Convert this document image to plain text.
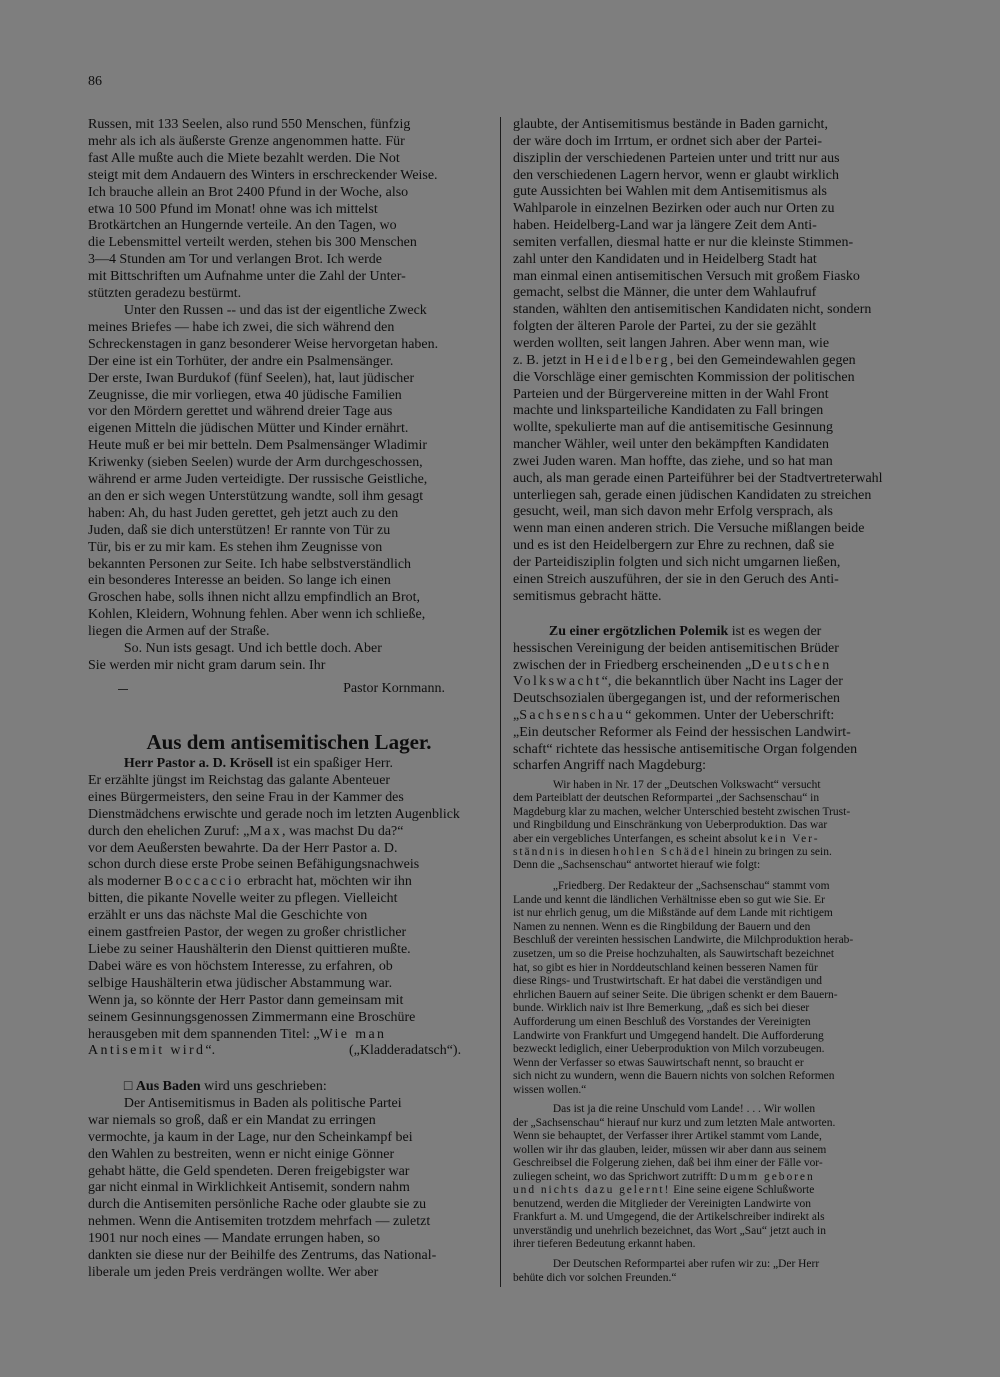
86
Russen, mit 133 Seelen, also rund 550 Menschen, fünfzig
mehr als ich als äußerste Grenze angenommen hatte. Für
fast Alle mußte auch die Miete bezahlt werden. Die Not
steigt mit dem Andauern des Winters in erschreckender Weise.
Ich brauche allein an Brot 2400 Pfund in der Woche, also
etwa 10 500 Pfund im Monat! ohne was ich mittelst
Brotkärtchen an Hungernde verteile. An den Tagen, wo
die Lebensmittel verteilt werden, stehen bis 300 Menschen
3—4 Stunden am Tor und verlangen Brot. Ich werde
mit Bittschriften um Aufnahme unter die Zahl der Unter-
stützten geradezu bestürmt.
Unter den Russen -- und das ist der eigentliche Zweck
meines Briefes — habe ich zwei, die sich während den
Schreckenstagen in ganz besonderer Weise hervorgetan haben.
Der eine ist ein Torhüter, der andre ein Psalmensänger.
Der erste, Iwan Burdukof (fünf Seelen), hat, laut jüdischer
Zeugnisse, die mir vorliegen, etwa 40 jüdische Familien
vor den Mördern gerettet und während dreier Tage aus
eigenen Mitteln die jüdischen Mütter und Kinder ernährt.
Heute muß er bei mir betteln. Dem Psalmensänger Wladimir
Kriwenky (sieben Seelen) wurde der Arm durchgeschossen,
während er arme Juden verteidigte. Der russische Geistliche,
an den er sich wegen Unterstützung wandte, soll ihm gesagt
haben: Ah, du hast Juden gerettet, geh jetzt auch zu den
Juden, daß sie dich unterstützen! Er rannte von Tür zu
Tür, bis er zu mir kam. Es stehen ihm Zeugnisse von
bekannten Personen zur Seite. Ich habe selbstverständlich
ein besonderes Interesse an beiden. So lange ich einen
Groschen habe, solls ihnen nicht allzu empfindlich an Brot,
Kohlen, Kleidern, Wohnung fehlen. Aber wenn ich schließe,
liegen die Armen auf der Straße.
So. Nun ists gesagt. Und ich bettle doch. Aber
Sie werden mir nicht gram darum sein. Ihr
Pastor Kornmann.
Aus dem antisemitischen Lager.
Herr Pastor a. D. Krösell ist ein spaßiger Herr.
Er erzählte jüngst im Reichstag das galante Abenteuer
eines Bürgermeisters, den seine Frau in der Kammer des
Dienstmädchens erwischte und gerade noch im letzten Augenblick
durch den ehelichen Zuruf: „Max, was machst Du da?“
vor dem Aeußersten bewahrte. Da der Herr Pastor a. D.
schon durch diese erste Probe seinen Befähigungsnachweis
als moderner Boccaccio erbracht hat, möchten wir ihn
bitten, die pikante Novelle weiter zu pflegen. Vielleicht
erzählt er uns das nächste Mal die Geschichte von
einem gastfreien Pastor, der wegen zu großer christlicher
Liebe zu seiner Haushälterin den Dienst quittieren mußte.
Dabei wäre es von höchstem Interesse, zu erfahren, ob
selbige Haushälterin etwa jüdischer Abstammung war.
Wenn ja, so könnte der Herr Pastor dann gemeinsam mit
seinem Gesinnungsgenossen Zimmermann eine Broschüre
herausgeben mit dem spannenden Titel: „Wie man
Antisemit wird“.	(„Kladderadatsch“).
□ Aus Baden wird uns geschrieben:
Der Antisemitismus in Baden als politische Partei
war niemals so groß, daß er ein Mandat zu erringen
vermochte, ja kaum in der Lage, nur den Scheinkampf bei
den Wahlen zu bestreiten, wenn er nicht einige Gönner
gehabt hätte, die Geld spendeten. Deren freigebigster war
gar nicht einmal in Wirklichkeit Antisemit, sondern nahm
durch die Antisemiten persönliche Rache oder glaubte sie zu
nehmen. Wenn die Antisemiten trotzdem mehrfach — zuletzt
1901 nur noch eines — Mandate errungen haben, so
dankten sie diese nur der Beihilfe des Zentrums, das National-
liberale um jeden Preis verdrängen wollte. Wer aber
glaubte, der Antisemitismus bestände in Baden garnicht,
der wäre doch im Irrtum, er ordnet sich aber der Partei-
disziplin der verschiedenen Parteien unter und tritt nur aus
den verschiedenen Lagern hervor, wenn er glaubt wirklich
gute Aussichten bei Wahlen mit dem Antisemitismus als
Wahlparole in einzelnen Bezirken oder auch nur Orten zu
haben. Heidelberg-Land war ja längere Zeit dem Anti-
semiten verfallen, diesmal hatte er nur die kleinste Stimmen-
zahl unter den Kandidaten und in Heidelberg Stadt hat
man einmal einen antisemitischen Versuch mit großem Fiasko
gemacht, selbst die Männer, die unter dem Wahlaufruf
standen, wählten den antisemitischen Kandidaten nicht, sondern
folgten der älteren Parole der Partei, zu der sie gezählt
werden wollten, seit langen Jahren. Aber wenn man, wie
z. B. jetzt in Heidelberg, bei den Gemeindewahlen gegen
die Vorschläge einer gemischten Kommission der politischen
Parteien und der Bürgervereine mitten in der Wahl Front
machte und linksparteiliche Kandidaten zu Fall bringen
wollte, spekulierte man auf die antisemitische Gesinnung
mancher Wähler, weil unter den bekämpften Kandidaten
zwei Juden waren. Man hoffte, das ziehe, und so hat man
auch, als man gerade einen Parteiführer bei der Stadtvertreterwahl
unterliegen sah, gerade einen jüdischen Kandidaten zu streichen
gesucht, weil, man sich davon mehr Erfolg versprach, als
wenn man einen anderen strich. Die Versuche mißlangen beide
und es ist den Heidelbergern zur Ehre zu rechnen, daß sie
der Parteidisziplin folgten und sich nicht umgarnen ließen,
einen Streich auszuführen, der sie in den Geruch des Anti-
semitismus gebracht hätte.
Zu einer ergötzlichen Polemik ist es wegen der
hessischen Vereinigung der beiden antisemitischen Brüder
zwischen der in Friedberg erscheinenden „Deutschen
Volkswacht“, die bekanntlich über Nacht ins Lager der
Deutschsozialen übergegangen ist, und der reformerischen
„Sachsenschau“ gekommen. Unter der Ueberschrift:
„Ein deutscher Reformer als Feind der hessischen Landwirt-
schaft“ richtete das hessische antisemitische Organ folgenden
scharfen Angriff nach Magdeburg:
Wir haben in Nr. 17 der „Deutschen Volkswacht“ versucht
dem Parteiblatt der deutschen Reformpartei „der Sachsenschau“ in
Magdeburg klar zu machen, welcher Unterschied besteht zwischen Trust-
und Ringbildung und Einschränkung von Ueberproduktion. Das war
aber ein vergebliches Unterfangen, es scheint absolut kein Ver-
ständnis in diesen hohlen Schädel hinein zu bringen zu sein.
Denn die „Sachsenschau“ antwortet hierauf wie folgt:
„Friedberg. Der Redakteur der „Sachsenschau“ stammt vom
Lande und kennt die ländlichen Verhältnisse eben so gut wie Sie. Er
ist nur ehrlich genug, um die Mißstände auf dem Lande mit richtigem
Namen zu nennen. Wenn es die Ringbildung der Bauern und den
Beschluß der vereinten hessischen Landwirte, die Milchproduktion herab-
zusetzen, um so die Preise hochzuhalten, als Sauwirtschaft bezeichnet
hat, so gibt es hier in Norddeutschland keinen besseren Namen für
diese Rings- und Trustwirtschaft. Er hat dabei die verständigen und
ehrlichen Bauern auf seiner Seite. Die übrigen schenkt er dem Bauern-
bunde. Wirklich naiv ist Ihre Bemerkung, „daß es sich bei dieser
Aufforderung um einen Beschluß des Vorstandes der Vereinigten
Landwirte von Frankfurt und Umgegend handelt. Die Aufforderung
bezweckt lediglich, einer Ueberproduktion von Milch vorzubeugen.
Wenn der Verfasser so etwas Sauwirtschaft nennt, so braucht er
sich nicht zu wundern, wenn die Bauern nichts von solchen Reformen
wissen wollen.“
Das ist ja die reine Unschuld vom Lande! . . . Wir wollen
der „Sachsenschau“ hierauf nur kurz und zum letzten Male antworten.
Wenn sie behauptet, der Verfasser ihrer Artikel stammt vom Lande,
wollen wir ihr das glauben, leider, müssen wir aber dann aus seinem
Geschreibsel die Folgerung ziehen, daß bei ihm einer der Fälle vor-
zuliegen scheint, wo das Sprichwort zutrifft: Dumm geboren
und nichts dazu gelernt! Eine seine eigene Schlußworte
benutzend, werden die Mitglieder der Vereinigten Landwirte von
Frankfurt a. M. und Umgegend, die der Artikelschreiber indirekt als
unverständig und unehrlich bezeichnet, das Wort „Sau“ jetzt auch in
ihrer tieferen Bedeutung erkannt haben.
Der Deutschen Reformpartei aber rufen wir zu: „Der Herr
behüte dich vor solchen Freunden.“
